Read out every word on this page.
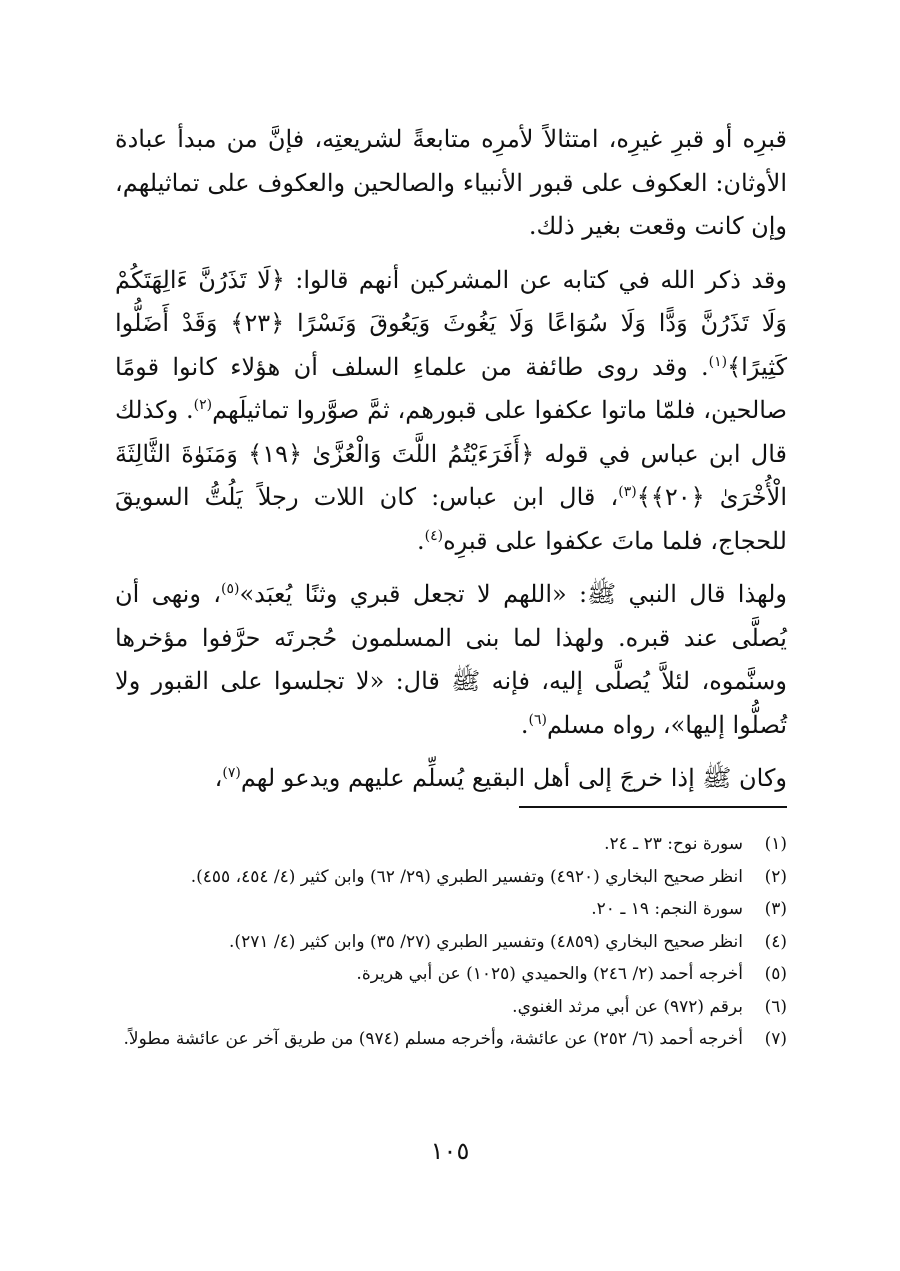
قبرِه أو قبرِ غيرِه، امتثالاً لأمرِه متابعةً لشريعتِه، فإنَّ من مبدأ عبادة الأوثان: العكوف على قبور الأنبياء والصالحين والعكوف على تماثيلهم، وإن كانت وقعت بغير ذلك.

وقد ذكر الله في كتابه عن المشركين أنهم قالوا: ﴿لَا تَذَرُنَّ ءَالِهَتَكُمْ وَلَا تَذَرُنَّ وَدًّا وَلَا سُوَاعًا وَلَا يَغُوثَ وَيَعُوقَ وَنَسْرًا ﴿٢٣﴾ وَقَدْ أَضَلُّوا كَثِيرًا﴾$^{(١)}$. وقد روى طائفة من علماءِ السلف أن هؤلاء كانوا قومًا صالحين، فلمّا ماتوا عكفوا على قبورهم، ثمَّ صوَّروا تماثيلَهم$^{(٢)}$. وكذلك قال ابن عباس في قوله ﴿أَفَرَءَيْتُمُ اللَّتَ وَالْعُزَّىٰ ﴿١٩﴾ وَمَنَوٰةَ الثَّالِثَةَ الْأُخْرَىٰ ﴿٢٠﴾﴾$^{(٣)}$، قال ابن عباس: كان اللات رجلاً يَلُتُّ السويقَ للحجاج، فلما ماتَ عكفوا على قبرِه$^{(٤)}$.

ولهذا قال النبي ﷺ: «اللهم لا تجعل قبري وثنًا يُعبَد»$^{(٥)}$، ونهى أن يُصلَّى عند قبره. ولهذا لما بنى المسلمون حُجرتَه حرَّفوا مؤخرها وسنَّموه، لئلاَّ يُصلَّى إليه، فإنه ﷺ قال: «لا تجلسوا على القبور ولا تُصلُّوا إليها»، رواه مسلم$^{(٦)}$.

وكان ﷺ إذا خرجَ إلى أهل البقيع يُسلِّم عليهم ويدعو لهم$^{(٧)}$،

(١)
سورة نوح: ٢٣ ـ ٢٤.
(٢)
انظر صحيح البخاري (٤٩٢٠) وتفسير الطبري (٢٩/ ٦٢) وابن كثير (٤/ ٤٥٤، ٤٥٥).
(٣)
سورة النجم: ١٩ ـ ٢٠.
(٤)
انظر صحيح البخاري (٤٨٥٩) وتفسير الطبري (٢٧/ ٣٥) وابن كثير (٤/ ٢٧١).
(٥)
أخرجه أحمد (٢/ ٢٤٦) والحميدي (١٠٢٥) عن أبي هريرة.
(٦)
برقم (٩٧٢) عن أبي مرثد الغنوي.
(٧)
أخرجه أحمد (٦/ ٢٥٢) عن عائشة، وأخرجه مسلم (٩٧٤) من طريق آخر عن عائشة مطولاً.
١٠٥
